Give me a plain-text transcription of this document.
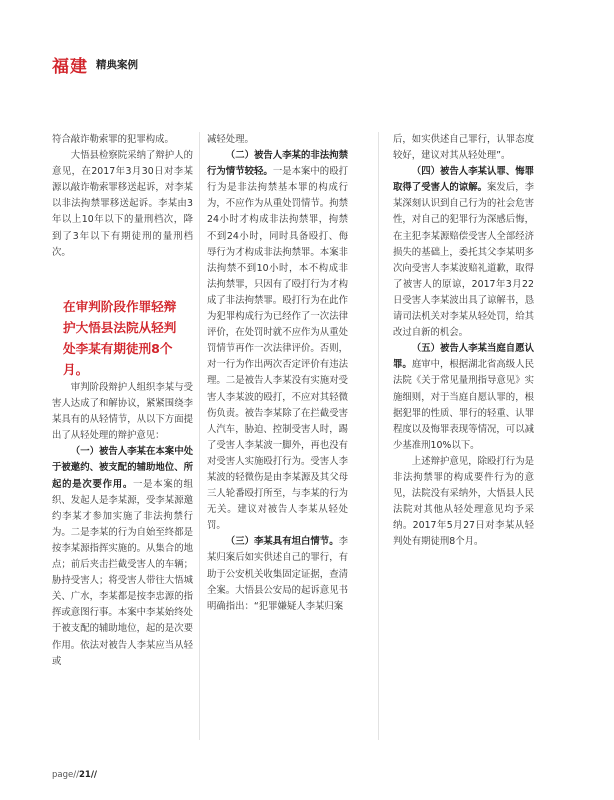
福建 精典案例

符合敲诈勒索罪的犯罪构成。

大悟县检察院采纳了辩护人的意见，在2017年3月30日对李某源以敲诈勒索罪移送起诉，对李某以非法拘禁罪移送起诉。李某由3年以上10年以下的量刑档次，降到了3年以下有期徒刑的量刑档次。

在审判阶段作罪轻辩护大悟县法院从轻判处李某有期徒刑8个月。

审判阶段辩护人组织李某与受害人达成了和解协议，紧紧围绕李某具有的从轻情节，从以下方面提出了从轻处理的辩护意见：

（一）被告人李某在本案中处于被邀约、被支配的辅助地位、所起的是次要作用。一是本案的组织、发起人是李某源，受李某源邀约李某才参加实施了非法拘禁行为。二是李某的行为自始至终都是按李某源指挥实施的。从集合的地点；前后夹击拦截受害人的车辆；胁持受害人；将受害人带往大悟城关、广水，李某都是按李忠源的指挥或意图行事。本案中李某始终处于被支配的辅助地位，起的是次要作用。依法对被告人李某应当从轻或

减轻处理。

（二）被告人李某的非法拘禁行为情节较轻。一是本案中的殴打行为是非法拘禁基本罪的构成行为，不应作为从重处罚情节。拘禁24小时才构成非法拘禁罪，拘禁不到24小时，同时具备殴打、侮辱行为才构成非法拘禁罪。本案非法拘禁不到10小时，本不构成非法拘禁罪，只因有了殴打行为才构成了非法拘禁罪。殴打行为在此作为犯罪构成行为已经作了一次法律评价，在处罚时就不应作为从重处罚情节再作一次法律评价。否则，对一行为作出两次否定评价有违法理。二是被告人李某没有实施对受害人李某波的殴打，不应对其轻微伤负责。被告李某除了在拦截受害人汽车，胁迫、控制受害人时，踢了受害人李某波一脚外，再也没有对受害人实施殴打行为。受害人李某波的轻微伤是由李某源及其父母三人轮番殴打所至，与李某的行为无关。建议对被告人李某从轻处罚。

（三）李某具有坦白情节。李某归案后如实供述自己的罪行，有助于公安机关收集固定证据，查清全案。大悟县公安局的起诉意见书明确指出：“犯罪嫌疑人李某归案

后，如实供述自己罪行，认罪态度较好，建议对其从轻处理”。

（四）被告人李某认罪、悔罪取得了受害人的谅解。案发后，李某深刻认识到自己行为的社会危害性，对自己的犯罪行为深感后悔，在主犯李某源赔偿受害人全部经济损失的基础上，委托其父李某明多次向受害人李某波赔礼道歉，取得了被害人的原谅，2017年3月22日受害人李某波出具了谅解书，恳请司法机关对李某从轻处罚，给其改过自新的机会。

（五）被告人李某当庭自愿认罪。庭审中，根据湖北省高级人民法院《关于常见量刑指导意见》实施细则，对于当庭自愿认罪的，根据犯罪的性质、罪行的轻重、认罪程度以及悔罪表现等情况，可以减少基准刑10%以下。

上述辩护意见，除殴打行为是非法拘禁罪的构成要件行为的意见，法院没有采纳外，大悟县人民法院对其他从轻处理意见均予采纳。2017年5月27日对李某从轻判处有期徒刑8个月。

page//21//
